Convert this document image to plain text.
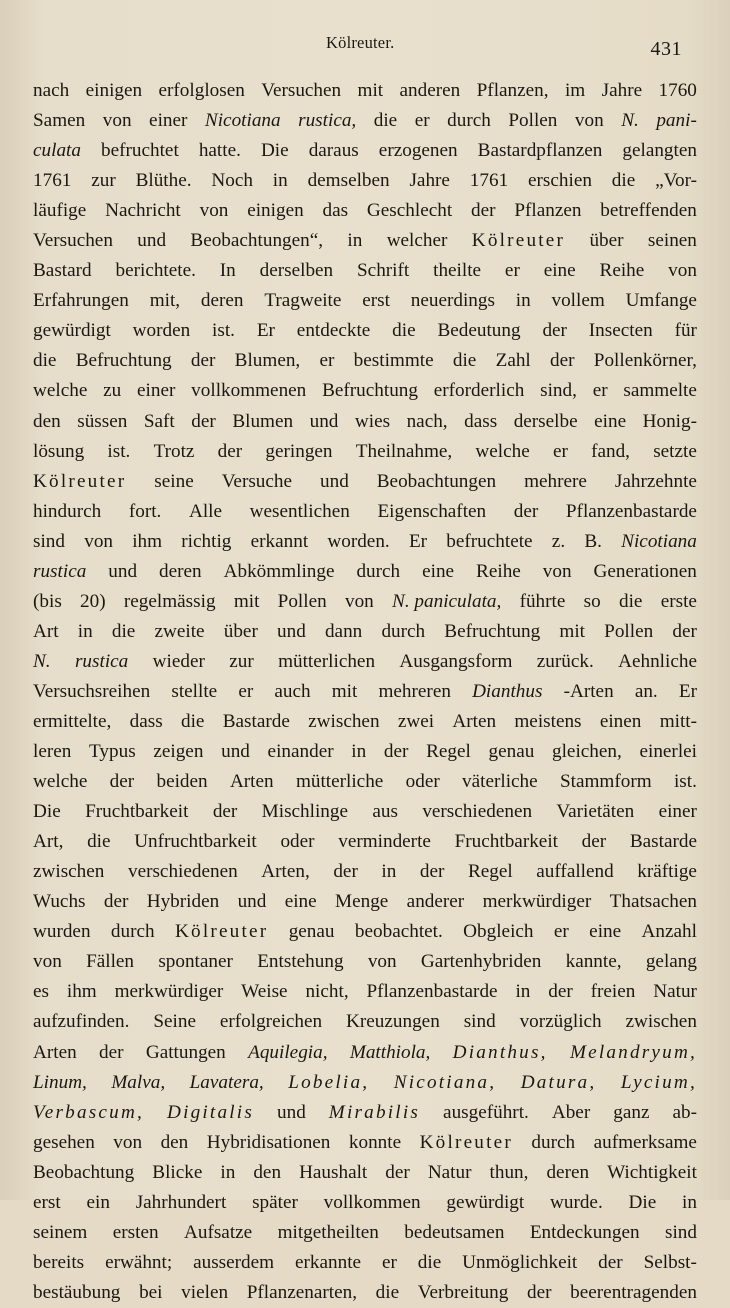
Kölreuter.	431
nach einigen erfolglosen Versuchen mit anderen Pflanzen, im Jahre 1760
Samen von einer Nicotiana rustica, die er durch Pollen von N. pani-
culata befruchtet hatte. Die daraus erzogenen Bastardpflanzen gelangten
1761 zur Blüthe. Noch in demselben Jahre 1761 erschien die „Vor-
läufige Nachricht von einigen das Geschlecht der Pflanzen betreffenden
Versuchen und Beobachtungen“, in welcher Kölreuter über seinen
Bastard berichtete. In derselben Schrift theilte er eine Reihe von
Erfahrungen mit, deren Tragweite erst neuerdings in vollem Umfange
gewürdigt worden ist. Er entdeckte die Bedeutung der Insecten für
die Befruchtung der Blumen, er bestimmte die Zahl der Pollenkörner,
welche zu einer vollkommenen Befruchtung erforderlich sind, er sammelte
den süssen Saft der Blumen und wies nach, dass derselbe eine Honig-
lösung ist. Trotz der geringen Theilnahme, welche er fand, setzte
Kölreuter seine Versuche und Beobachtungen mehrere Jahrzehnte
hindurch fort. Alle wesentlichen Eigenschaften der Pflanzenbastarde
sind von ihm richtig erkannt worden. Er befruchtete z. B. Nicotiana
rustica und deren Abkömmlinge durch eine Reihe von Generationen
(bis 20) regelmässig mit Pollen von N. paniculata, führte so die erste
Art in die zweite über und dann durch Befruchtung mit Pollen der
N. rustica wieder zur mütterlichen Ausgangsform zurück. Aehnliche
Versuchsreihen stellte er auch mit mehreren Dianthus -Arten an. Er
ermittelte, dass die Bastarde zwischen zwei Arten meistens einen mitt-
leren Typus zeigen und einander in der Regel genau gleichen, einerlei
welche der beiden Arten mütterliche oder väterliche Stammform ist.
Die Fruchtbarkeit der Mischlinge aus verschiedenen Varietäten einer
Art, die Unfruchtbarkeit oder verminderte Fruchtbarkeit der Bastarde
zwischen verschiedenen Arten, der in der Regel auffallend kräftige
Wuchs der Hybriden und eine Menge anderer merkwürdiger Thatsachen
wurden durch Kölreuter genau beobachtet. Obgleich er eine Anzahl
von Fällen spontaner Entstehung von Gartenhybriden kannte, gelang
es ihm merkwürdiger Weise nicht, Pflanzenbastarde in der freien Natur
aufzufinden. Seine erfolgreichen Kreuzungen sind vorzüglich zwischen
Arten der Gattungen Aquilegia, Matthiola, Dianthus, Melandryum,
Linum, Malva, Lavatera, Lobelia, Nicotiana, Datura, Lycium,
Verbascum, Digitalis und Mirabilis ausgeführt. Aber ganz ab-
gesehen von den Hybridisationen konnte Kölreuter durch aufmerksame
Beobachtung Blicke in den Haushalt der Natur thun, deren Wichtigkeit
erst ein Jahrhundert später vollkommen gewürdigt wurde. Die in
seinem ersten Aufsatze mitgetheilten bedeutsamen Entdeckungen sind
bereits erwähnt; ausserdem erkannte er die Unmöglichkeit der Selbst-
bestäubung bei vielen Pflanzenarten, die Verbreitung der beerentragenden
